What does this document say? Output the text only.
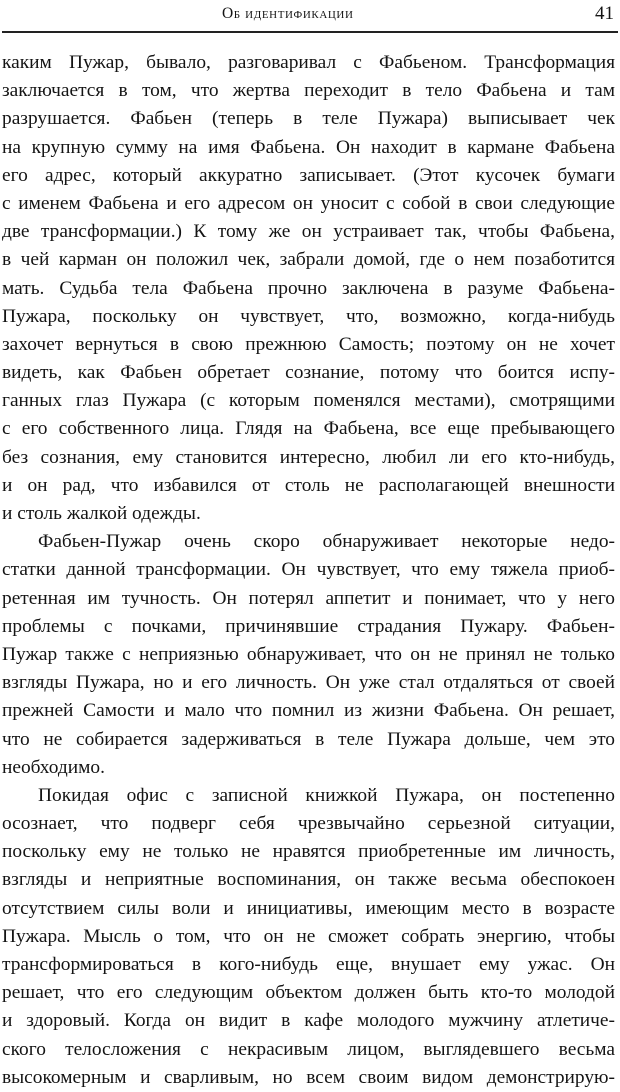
Об идентификации	41
каким Пужар, бывало, разговаривал с Фабьеном. Трансформация
заключается в том, что жертва переходит в тело Фабьена и там
разрушается. Фабьен (теперь в теле Пужара) выписывает чек
на крупную сумму на имя Фабьена. Он находит в кармане Фабьена
его адрес, который аккуратно записывает. (Этот кусочек бумаги
с именем Фабьена и его адресом он уносит с собой в свои следующие
две трансформации.) К тому же он устраивает так, чтобы Фабьена,
в чей карман он положил чек, забрали домой, где о нем позаботится
мать. Судьба тела Фабьена прочно заключена в разуме Фабьена-
Пужара, поскольку он чувствует, что, возможно, когда-нибудь
захочет вернуться в свою прежнюю Самость; поэтому он не хочет
видеть, как Фабьен обретает сознание, потому что боится испу-
ганных глаз Пужара (с которым поменялся местами), смотрящими
с его собственного лица. Глядя на Фабьена, все еще пребывающего
без сознания, ему становится интересно, любил ли его кто-нибудь,
и он рад, что избавился от столь не располагающей внешности
и столь жалкой одежды.
Фабьен-Пужар очень скоро обнаруживает некоторые недо-
статки данной трансформации. Он чувствует, что ему тяжела приоб-
ретенная им тучность. Он потерял аппетит и понимает, что у него
проблемы с почками, причинявшие страдания Пужару. Фабьен-
Пужар также с неприязнью обнаруживает, что он не принял не только
взгляды Пужара, но и его личность. Он уже стал отдаляться от своей
прежней Самости и мало что помнил из жизни Фабьена. Он решает,
что не собирается задерживаться в теле Пужара дольше, чем это
необходимо.
Покидая офис с записной книжкой Пужара, он постепенно
осознает, что подверг себя чрезвычайно серьезной ситуации,
поскольку ему не только не нравятся приобретенные им личность,
взгляды и неприятные воспоминания, он также весьма обеспокоен
отсутствием силы воли и инициативы, имеющим место в возрасте
Пужара. Мысль о том, что он не сможет собрать энергию, чтобы
трансформироваться в кого-нибудь еще, внушает ему ужас. Он
решает, что его следующим объектом должен быть кто-то молодой
и здоровый. Когда он видит в кафе молодого мужчину атлетиче-
ского телосложения с некрасивым лицом, выглядевшего весьма
высокомерным и сварливым, но всем своим видом демонстрирую-
